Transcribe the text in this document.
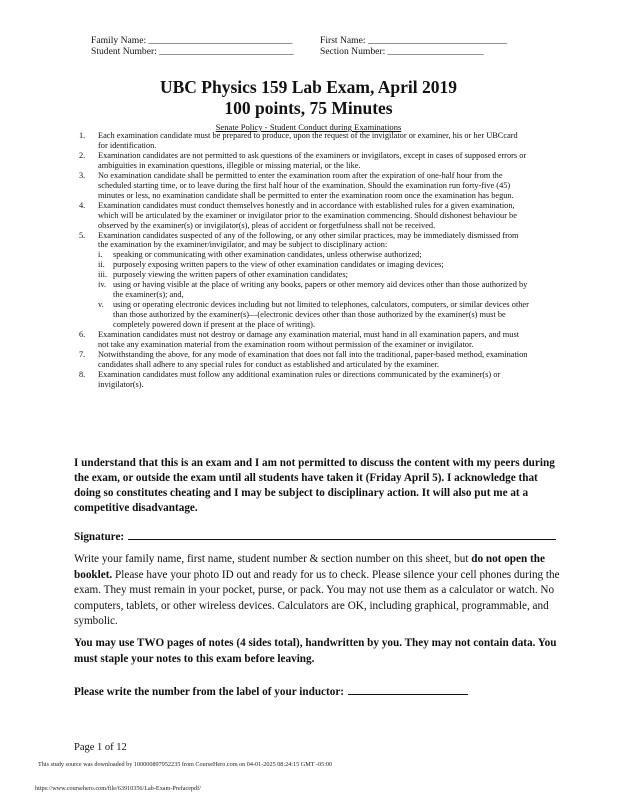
Family Name: ______________________________	First Name: _____________________________
Student Number: ____________________________	Section Number: ____________________
UBC Physics 159 Lab Exam, April 2019
100 points, 75 Minutes
Senate Policy - Student Conduct during Examinations
1.	Each examination candidate must be prepared to produce, upon the request of the invigilator or examiner, his or her UBCcard for identification.
2.	Examination candidates are not permitted to ask questions of the examiners or invigilators, except in cases of supposed errors or ambiguities in examination questions, illegible or missing material, or the like.
3.	No examination candidate shall be permitted to enter the examination room after the expiration of one-half hour from the scheduled starting time, or to leave during the first half hour of the examination. Should the examination run forty-five (45) minutes or less, no examination candidate shall be permitted to enter the examination room once the examination has begun.
4.	Examination candidates must conduct themselves honestly and in accordance with established rules for a given examination, which will be articulated by the examiner or invigilator prior to the examination commencing. Should dishonest behaviour be observed by the examiner(s) or invigilator(s), pleas of accident or forgetfulness shall not be received.
5.	Examination candidates suspected of any of the following, or any other similar practices, may be immediately dismissed from the examination by the examiner/invigilator, and may be subject to disciplinary action:
i.	speaking or communicating with other examination candidates, unless otherwise authorized;
ii. purposely exposing written papers to the view of other examination candidates or imaging devices;
iii. purposely viewing the written papers of other examination candidates;
iv. using or having visible at the place of writing any books, papers or other memory aid devices other than those authorized by the examiner(s); and,
v.	using or operating electronic devices including but not limited to telephones, calculators, computers, or similar devices other than those authorized by the examiner(s)—(electronic devices other than those authorized by the examiner(s) must be completely powered down if present at the place of writing).
6.	Examination candidates must not destroy or damage any examination material, must hand in all examination papers, and must not take any examination material from the examination room without permission of the examiner or invigilator.
7.	Notwithstanding the above, for any mode of examination that does not fall into the traditional, paper-based method, examination candidates shall adhere to any special rules for conduct as established and articulated by the examiner.
8.	Examination candidates must follow any additional examination rules or directions communicated by the examiner(s) or invigilator(s).
I understand that this is an exam and I am not permitted to discuss the content with my peers during the exam, or outside the exam until all students have taken it (Friday April 5). I acknowledge that doing so constitutes cheating and I may be subject to disciplinary action. It will also put me at a competitive disadvantage.
Signature:
Write your family name, first name, student number & section number on this sheet, but do not open the booklet. Please have your photo ID out and ready for us to check. Please silence your cell phones during the exam. They must remain in your pocket, purse, or pack. You may not use them as a calculator or watch. No computers, tablets, or other wireless devices. Calculators are OK, including graphical, programmable, and symbolic.
You may use TWO pages of notes (4 sides total), handwritten by you. They may not contain data. You must staple your notes to this exam before leaving.
Please write the number from the label of your inductor:
Page 1 of 12
This study source was downloaded by 100000897952235 from CourseHero.com on 04-01-2025 08:24:15 GMT -05:00
https://www.coursehero.com/file/63910356/Lab-Exam-Prefacepdf/
